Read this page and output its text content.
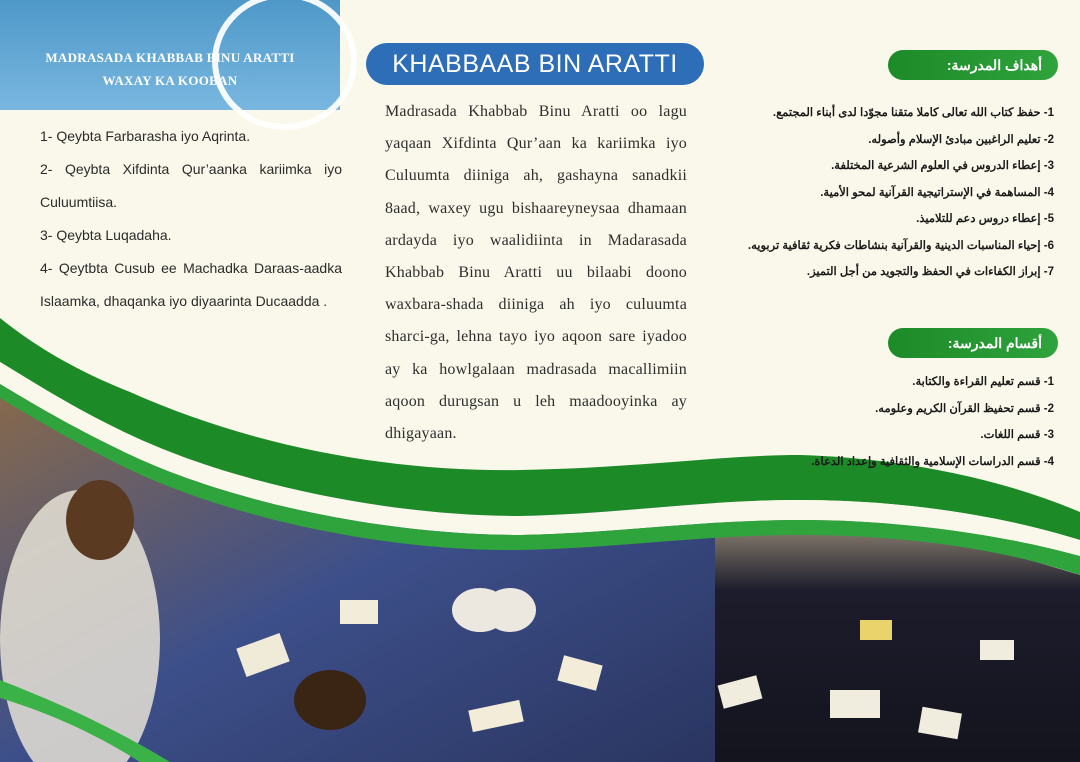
MADRASADA KHABBAB BINU ARATTI
WAXAY KA KOOBAN
1- Qeybta Farbarasha iyo Aqrinta.
2- Qeybta Xifdinta Qur’aanka kariimka iyo Culuumtiisa.
3- Qeybta Luqadaha.
4- Qeytbta Cusub ee Machadka Daraas-aadka Islaamka, dhaqanka iyo diyaarinta Ducaadda .
KHABBAAB BIN ARATTI
Madrasada Khabbab Binu Aratti oo lagu yaqaan Xifdinta Qur’aan ka kariimka iyo Culuumta diiniga ah, gashayna sanadkii 8aad, waxey ugu bishaareyneysaa dhamaan ardayda iyo waalidiinta in Madarasada Khabbab Binu Aratti uu bilaabi doono waxbara-shada diiniga ah iyo culuumta sharci-ga, lehna tayo iyo aqoon sare iyadoo ay ka howlgalaan madrasada macallimiin aqoon durugsan u leh maadooyinka ay dhigayaan.
أهداف المدرسة:
1- حفظ كتاب الله تعالى كاملا متقنا مجوّدا لدى أبناء المجتمع.
2- تعليم الراغبين مبادئ الإسلام وأصوله.
3- إعطاء الدروس في العلوم الشرعية المختلفة.
4- المساهمة في الإستراتيجية القرآنية لمحو الأمية.
5- إعطاء دروس دعم للتلاميذ.
6- إحياء المناسبات الدينية والقرآنية بنشاطات فكرية ثقافية تربويه.
7- إبراز الكفاءات في الحفظ والتجويد من أجل التميز.
أقسام المدرسة:
1- قسم تعليم القراءة والكتابة.
2- قسم تحفيظ القرآن الكريم وعلومه.
3- قسم اللغات.
4- قسم الدراسات الإسلامية والثقافية وإعداد الدعاة.
